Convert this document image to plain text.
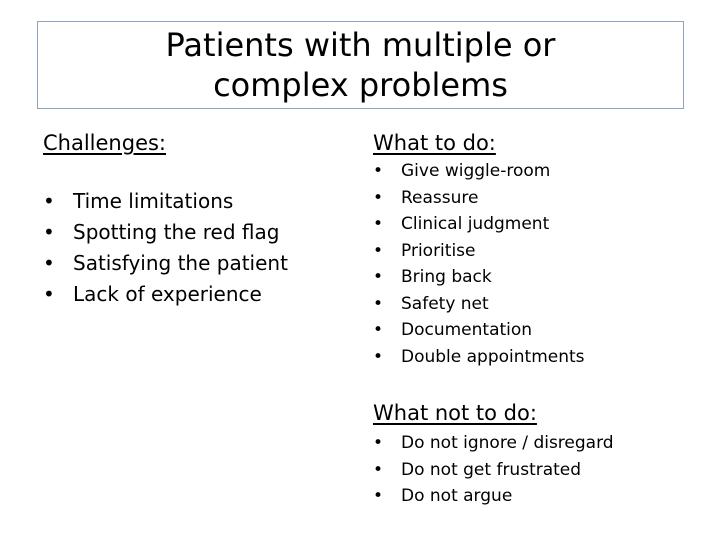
Patients with multiple or
complex problems
Challenges:
• Time limitations
• Spotting the red flag
• Satisfying the patient
• Lack of experience
What to do:
• Give wiggle-room
• Reassure
• Clinical judgment
• Prioritise
• Bring back
• Safety net
• Documentation
• Double appointments
What not to do:
• Do not ignore / disregard
• Do not get frustrated
• Do not argue
